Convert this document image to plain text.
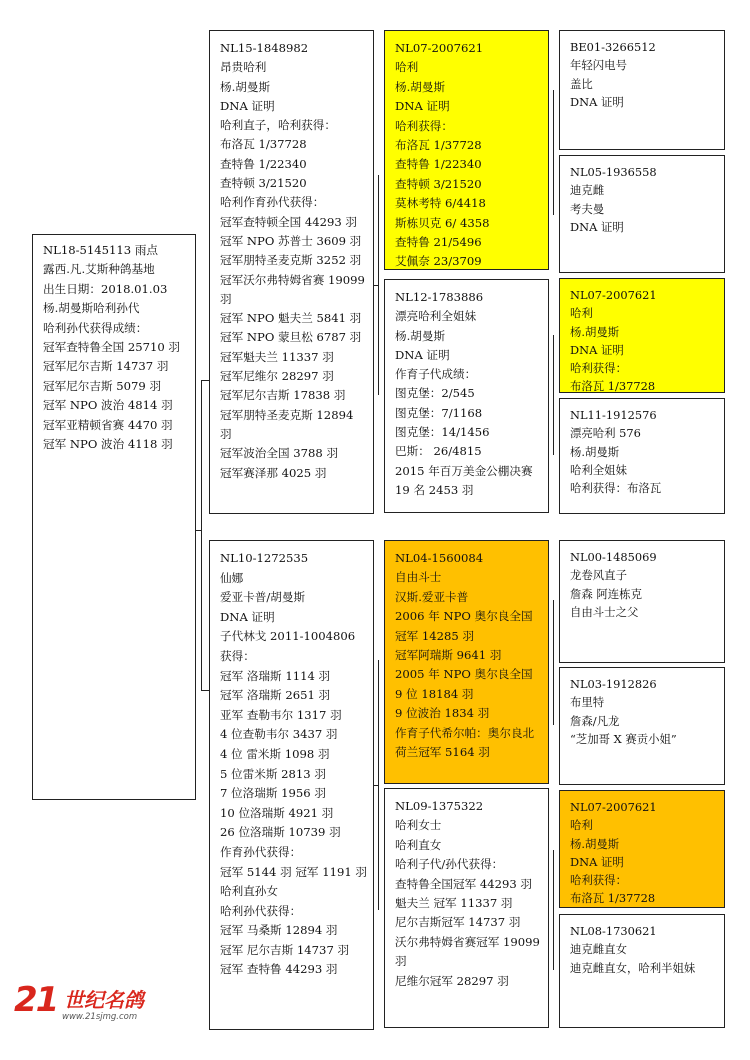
NL18-5145113 雨点
露西.凡.艾斯种鸽基地
出生日期：2018.01.03
杨.胡曼斯哈利孙代
哈利孙代获得成绩：
冠军查特鲁全国 25710 羽
冠军尼尔吉斯 14737 羽
冠军尼尔吉斯 5079 羽
冠军 NPO 波治 4814 羽
冠军亚精顿省赛 4470 羽
冠军 NPO 波治 4118 羽
NL15-1848982
昂贵哈利
杨.胡曼斯
DNA 证明
哈利直子，哈利获得：
布洛瓦 1/37728
查特鲁 1/22340
查特顿 3/21520
哈利作育孙代获得：
冠军查特顿全国 44293 羽
冠军 NPO 苏普士 3609 羽
冠军朋特圣麦克斯 3252 羽
冠军沃尔弗特姆省赛 19099 羽
冠军 NPO 魁夫兰 5841 羽
冠军 NPO 蒙旦松 6787 羽
冠军魁夫兰 11337 羽
冠军尼维尔 28297 羽
冠军尼尔吉斯 17838 羽
冠军朋特圣麦克斯 12894 羽
冠军波治全国 3788 羽
冠军赛泽那 4025 羽
NL10-1272535
仙娜
爱亚卡普/胡曼斯
DNA 证明
子代林戈 2011-1004806 获得：
冠军 洛瑞斯 1114 羽
冠军 洛瑞斯 2651 羽
亚军 查勒韦尔 1317 羽
4 位查勒韦尔 3437 羽
4 位 雷米斯 1098 羽
5 位雷米斯 2813 羽
7 位洛瑞斯 1956 羽
10 位洛瑞斯 4921 羽
26 位洛瑞斯 10739 羽
作育孙代获得：
冠军 5144 羽 冠军 1191 羽
哈利直孙女
哈利孙代获得：
冠军 马桑斯 12894 羽
冠军 尼尔吉斯 14737 羽
冠军 查特鲁 44293 羽
NL07-2007621
哈利
杨.胡曼斯
DNA 证明
哈利获得：
布洛瓦 1/37728
查特鲁 1/22340
查特顿 3/21520
莫林考特 6/4418
斯栋贝克 6/ 4358
查特鲁 21/5496
艾佩奈 23/3709
NL12-1783886
漂亮哈利全姐妹
杨.胡曼斯
DNA 证明
作育子代成绩：
图克堡：2/545
图克堡：7/1168
图克堡：14/1456
巴斯： 26/4815
2015 年百万美金公棚决赛 19 名 2453 羽
NL04-1560084
自由斗士
汉斯.爱亚卡普
2006 年 NPO 奥尔良全国冠军 14285 羽
冠军阿瑞斯 9641 羽
2005 年 NPO 奥尔良全国 9 位 18184 羽
9 位波治 1834 羽
作育子代希尔帕：奥尔良北荷兰冠军 5164 羽
NL09-1375322
哈利女士
哈利直女
哈利子代/孙代获得：
查特鲁全国冠军 44293 羽
魁夫兰 冠军 11337 羽
尼尔吉斯冠军 14737 羽
沃尔弗特姆省赛冠军 19099 羽
尼维尔冠军 28297 羽
BE01-3266512
年轻闪电号
盖比
DNA 证明
NL05-1936558
迪克雌
考夫曼
DNA 证明
NL07-2007621
哈利
杨.胡曼斯
DNA 证明
哈利获得：
布洛瓦 1/37728
NL11-1912576
漂亮哈利 576
杨.胡曼斯
哈利全姐妹
哈利获得：布洛瓦
NL00-1485069
龙卷风直子
詹森 阿连栋克
自由斗士之父
NL03-1912826
布里特
詹森/凡龙
“芝加哥 X 赛贡小姐”
NL07-2007621
哈利
杨.胡曼斯
DNA 证明
哈利获得：
布洛瓦 1/37728
NL08-1730621
迪克雌直女
迪克雌直女，哈利半姐妹
21 世纪名鸽
www.21sjmg.com
